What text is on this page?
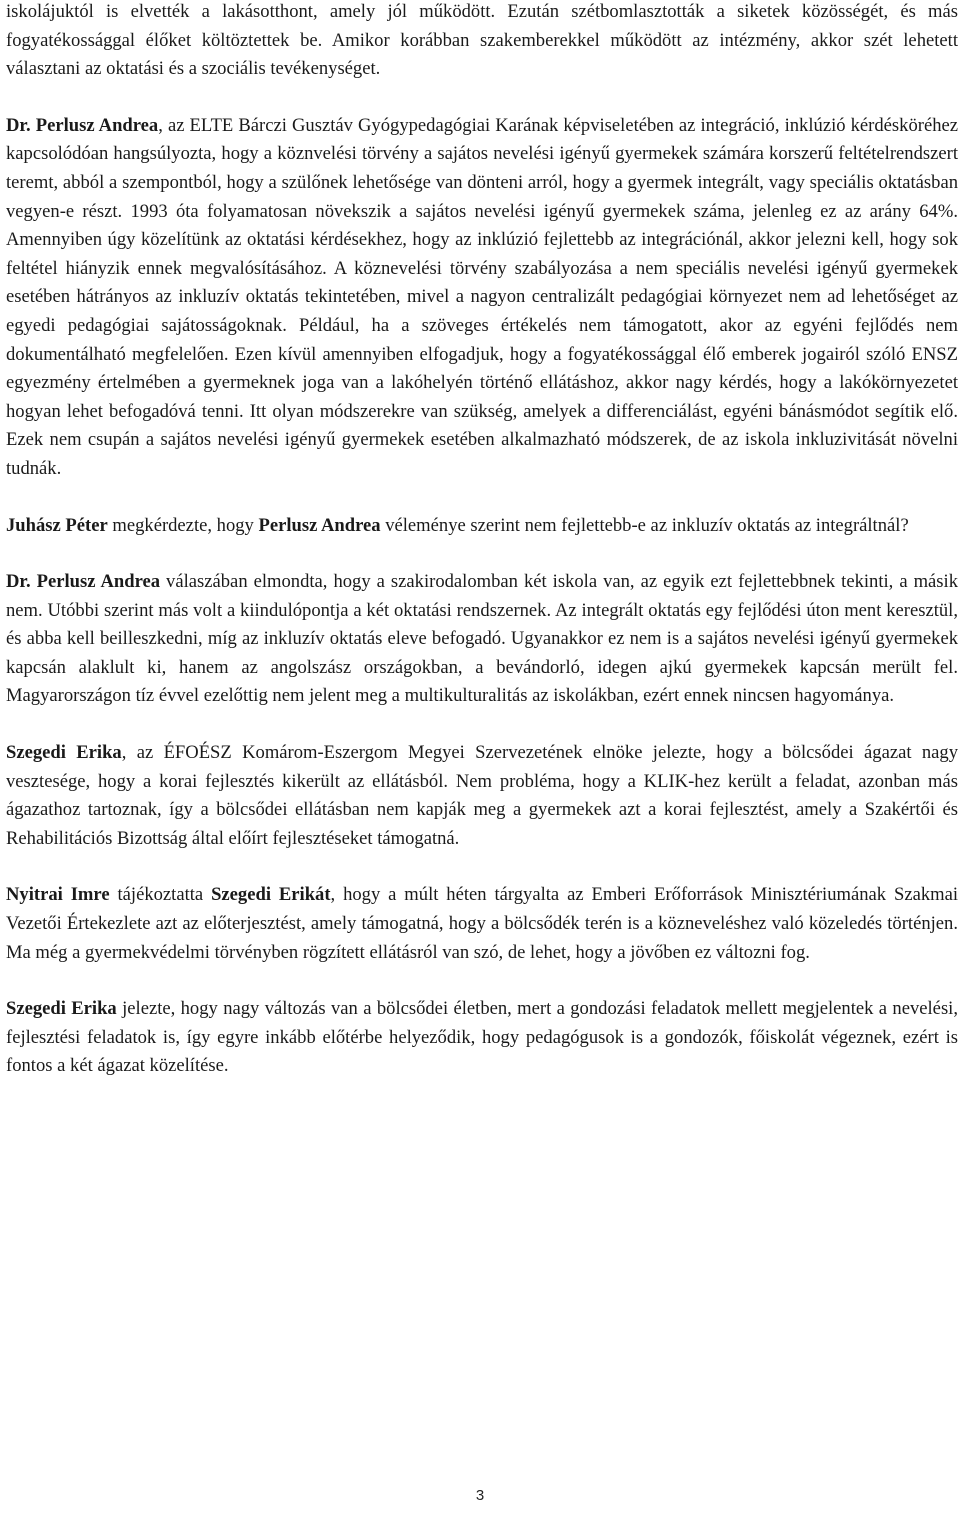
iskolájuktól is elvették a lakásotthont, amely jól működött. Ezután szétbomlasztották a siketek közösségét, és más fogyatékossággal élőket költöztettek be. Amikor korábban szakemberekkel működött az intézmény, akkor szét lehetett választani az oktatási és a szociális tevékenységet.

Dr. Perlusz Andrea, az ELTE Bárczi Gusztáv Gyógypedagógiai Karának képviseletében az integráció, inklúzió kérdésköréhez kapcsolódóan hangsúlyozta, hogy a köznvelési törvény a sajátos nevelési igényű gyermekek számára korszerű feltételrendszert teremt, abból a szempontból, hogy a szülőnek lehetősége van dönteni arról, hogy a gyermek integrált, vagy speciális oktatásban vegyen-e részt. 1993 óta folyamatosan növekszik a sajátos nevelési igényű gyermekek száma, jelenleg ez az arány 64%. Amennyiben úgy közelítünk az oktatási kérdésekhez, hogy az inklúzió fejlettebb az integrációnál, akkor jelezni kell, hogy sok feltétel hiányzik ennek megvalósításához. A köznevelési törvény szabályozása a nem speciális nevelési igényű gyermekek esetében hátrányos az inkluzív oktatás tekintetében, mivel a nagyon centralizált pedagógiai környezet nem ad lehetőséget az egyedi pedagógiai sajátosságoknak. Például, ha a szöveges értékelés nem támogatott, akor az egyéni fejlődés nem dokumentálható megfelelően. Ezen kívül amennyiben elfogadjuk, hogy a fogyatékossággal élő emberek jogairól szóló ENSZ egyezmény értelmében a gyermeknek joga van a lakóhelyén történő ellátáshoz, akkor nagy kérdés, hogy a lakókörnyezetet hogyan lehet befogadóvá tenni. Itt olyan módszerekre van szükség, amelyek a differenciálást, egyéni bánásmódot segítik elő. Ezek nem csupán a sajátos nevelési igényű gyermekek esetében alkalmazható módszerek, de az iskola inkluzivitását növelni tudnák.

Juhász Péter megkérdezte, hogy Perlusz Andrea véleménye szerint nem fejlettebb-e az inkluzív oktatás az integráltnál?

Dr. Perlusz Andrea válaszában elmondta, hogy a szakirodalomban két iskola van, az egyik ezt fejlettebbnek tekinti, a másik nem. Utóbbi szerint más volt a kiindulópontja a két oktatási rendszernek. Az integrált oktatás egy fejlődési úton ment keresztül, és abba kell beilleszkedni, míg az inkluzív oktatás eleve befogadó. Ugyanakkor ez nem is a sajátos nevelési igényű gyermekek kapcsán alaklult ki, hanem az angolszász országokban, a bevándorló, idegen ajkú gyermekek kapcsán merült fel. Magyarországon tíz évvel ezelőttig nem jelent meg a multikulturalitás az iskolákban, ezért ennek nincsen hagyománya.

Szegedi Erika, az ÉFOÉSZ Komárom-Eszergom Megyei Szervezetének elnöke jelezte, hogy a bölcsődei ágazat nagy vesztesége, hogy a korai fejlesztés kikerült az ellátásból. Nem probléma, hogy a KLIK-hez került a feladat, azonban más ágazathoz tartoznak, így a bölcsődei ellátásban nem kapják meg a gyermekek azt a korai fejlesztést, amely a Szakértői és Rehabilitációs Bizottság által előírt fejlesztéseket támogatná.

Nyitrai Imre tájékoztatta Szegedi Erikát, hogy a múlt héten tárgyalta az Emberi Erőforrások Minisztériumának Szakmai Vezetői Értekezlete azt az előterjesztést, amely támogatná, hogy a bölcsődék terén is a közneveléshez való közeledés történjen. Ma még a gyermekvédelmi törvényben rögzített ellátásról van szó, de lehet, hogy a jövőben ez változni fog.

Szegedi Erika jelezte, hogy nagy változás van a bölcsődei életben, mert a gondozási feladatok mellett megjelentek a nevelési, fejlesztési feladatok is, így egyre inkább előtérbe helyeződik, hogy pedagógusok is a gondozók, főiskolát végeznek, ezért is fontos a két ágazat közelítése.

3
